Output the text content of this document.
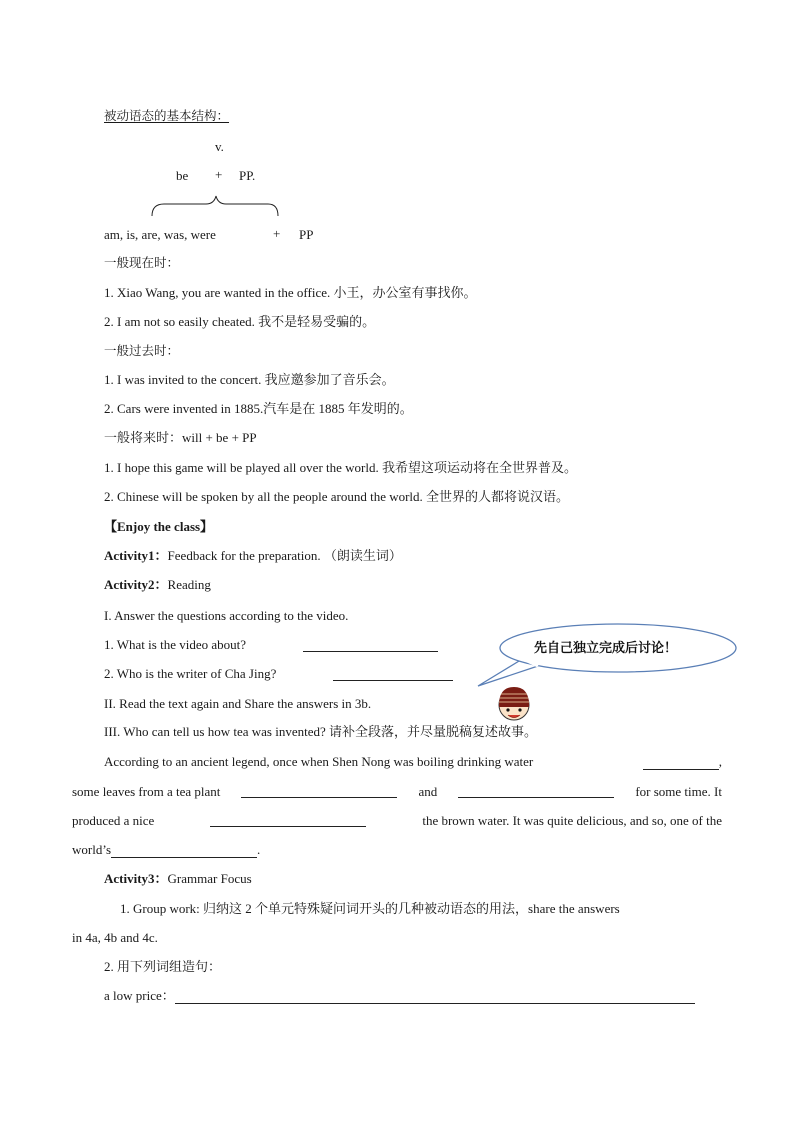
被动语态的基本结构：
v.
be + PP.
am, is, are, was, were	+ PP
一般现在时：
1. Xiao Wang, you are wanted in the office. 小王，办公室有事找你。
2. I am not so easily cheated. 我不是轻易受骗的。
一般过去时：
1. I was invited to the concert. 我应邀参加了音乐会。
2. Cars were invented in 1885.汽车是在 1885 年发明的。
一般将来时：will + be + PP
1. I hope this game will be played all over the world. 我希望这项运动将在全世界普及。
2. Chinese will be spoken by all the people around the world. 全世界的人都将说汉语。
【Enjoy the class】
Activity1：Feedback for the preparation. （朗读生词）
Activity2：Reading
I. Answer the questions according to the video.
1. What is the video about?
2. Who is the writer of Cha Jing?
II. Read the text again and Share the answers in 3b.
III. Who can tell us how tea was invented? 请补全段落，并尽量脱稿复述故事。
先自己独立完成后讨论！
According to an ancient legend, once when Shen Nong was boiling drinking water	,
some leaves from a tea plant	and	for some time. It
produced a nice	the brown water. It was quite delicious, and so, one of the
world’s	.
Activity3：Grammar Focus
1. Group work: 归纳这 2 个单元特殊疑问词开头的几种被动语态的用法，share the answers
in 4a, 4b and 4c.
2. 用下列词组造句：
a low price：
